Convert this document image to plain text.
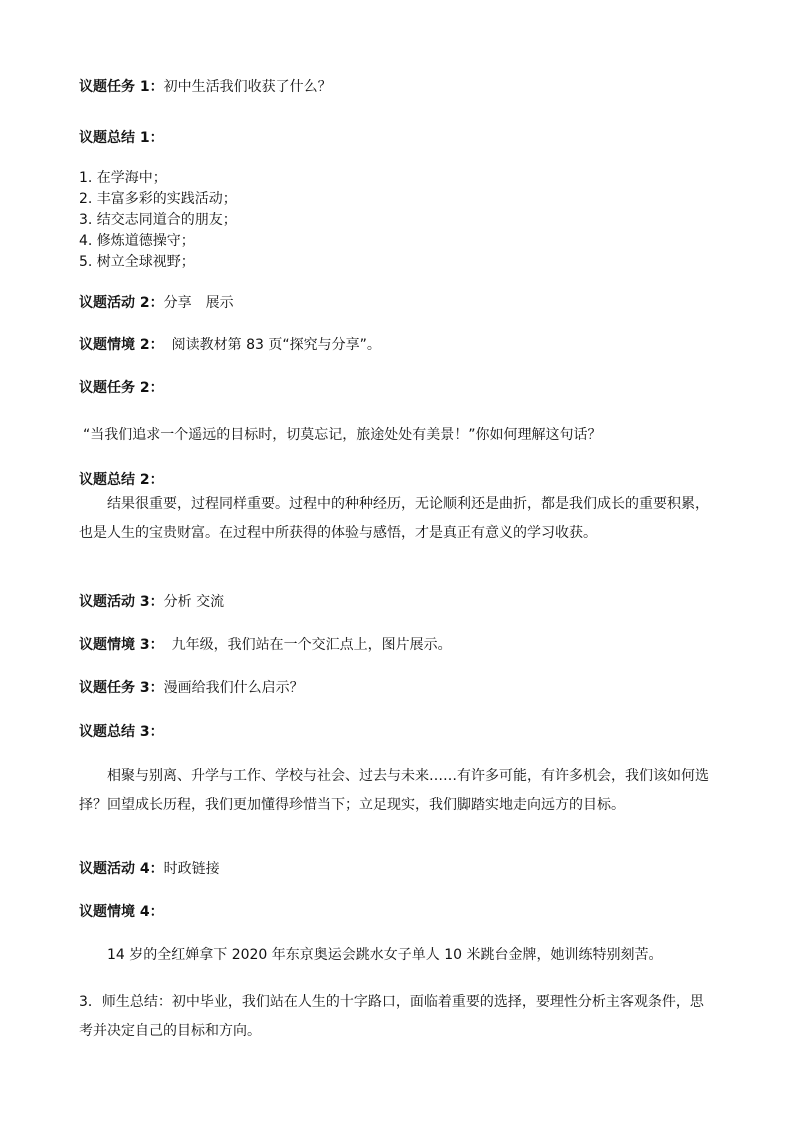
议题任务 1：初中生活我们收获了什么？
议题总结 1：
1. 在学海中；
2. 丰富多彩的实践活动；
3. 结交志同道合的朋友；
4. 修炼道德操守；
5. 树立全球视野；
议题活动 2：分享　展示
议题情境 2： 阅读教材第 83 页“探究与分享”。
议题任务 2：
“当我们追求一个遥远的目标时，切莫忘记，旅途处处有美景！”你如何理解这句话？
议题总结 2：
结果很重要，过程同样重要。过程中的种种经历，无论顺利还是曲折，都是我们成长的重要积累，也是人生的宝贵财富。在过程中所获得的体验与感悟，才是真正有意义的学习收获。
议题活动 3：分析 交流
议题情境 3： 九年级，我们站在一个交汇点上，图片展示。
议题任务 3：漫画给我们什么启示？
议题总结 3：
相聚与别离、升学与工作、学校与社会、过去与未来……有许多可能，有许多机会，我们该如何选择？回望成长历程，我们更加懂得珍惜当下；立足现实，我们脚踏实地走向远方的目标。
议题活动 4：时政链接
议题情境 4：
14 岁的全红婵拿下 2020 年东京奥运会跳水女子单人 10 米跳台金牌，她训练特别刻苦。
3．师生总结：初中毕业，我们站在人生的十字路口，面临着重要的选择，要理性分析主客观条件，思考并决定自己的目标和方向。
